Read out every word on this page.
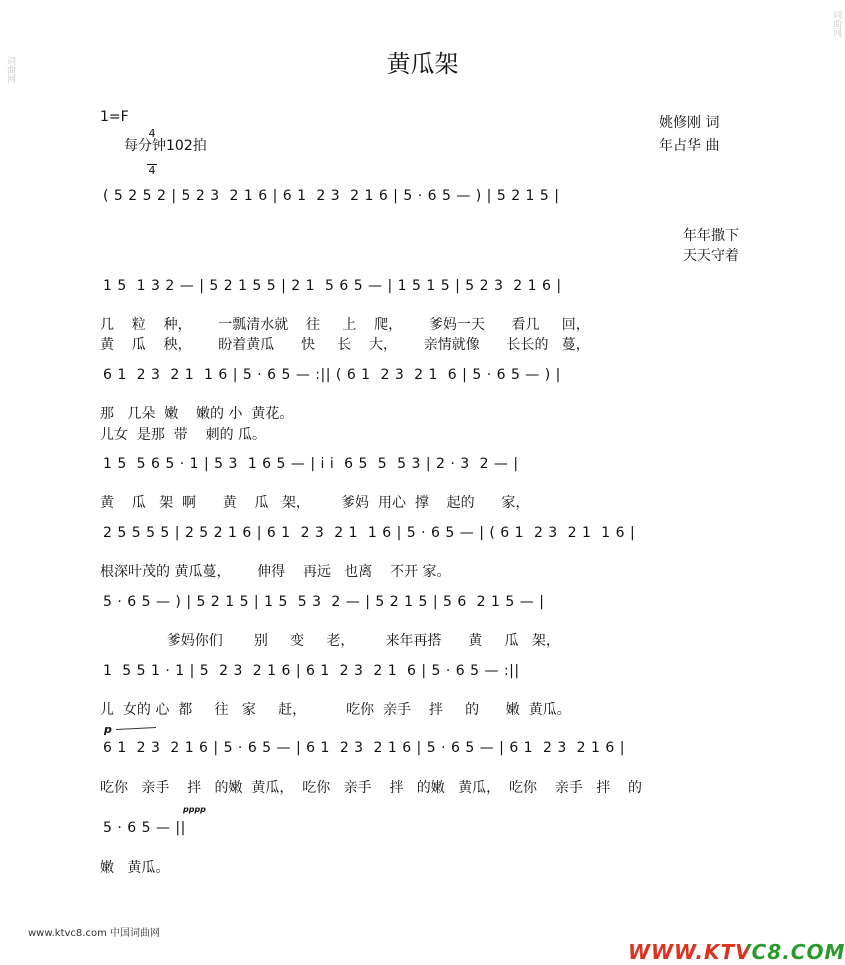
词曲网
词曲网
黄瓜架
1=F

4

4

每分钟102拍
姚修刚 词
年占华 曲
( 5 2 5 2 | 5 2 3  2 1 6 | 6 1  2 3  2 1 6 | 5 · 6 5 — ) | 5 2 1 5 |
年年撒下
天天守着
1 5  1 3 2 — | 5 2 1 5 5 | 2 1  5 6 5 — | 1 5 1 5 | 5 2 3  2 1 6 |
几    粒    种，      一瓢清水就    往     上    爬，      爹妈一天      看几     回，
黄    瓜    秧，      盼着黄瓜      快     长    大，      亲情就像      长长的   蔓，
6 1  2 3  2 1  1 6 | 5 · 6 5 — :|| ( 6 1  2 3  2 1  6 | 5 · 6 5 — ) |
那   几朵  嫩    嫩的 小  黄花。
儿女  是那  带    刺的 瓜。
1 5  5 6 5 · 1 | 5 3  1 6 5 — | i i  6 5  5  5 3 | 2 · 3  2 — |
黄    瓜   架  啊      黄    瓜   架，       爹妈  用心  撑    起的      家，
2 5 5 5 5 | 2 5 2 1 6 | 6 1  2 3  2 1  1 6 | 5 · 6 5 — | ( 6 1  2 3  2 1  1 6 |
根深叶茂的 黄瓜蔓，      伸得    再远   也离    不开 家。
5 · 6 5 — ) | 5 2 1 5 | 1 5  5 3  2 — | 5 2 1 5 | 5 6  2 1 5 — |
爹妈你们       别     变     老，       来年再搭      黄     瓜   架，
1  5 5 1 · 1 | 5  2 3  2 1 6 | 6 1  2 3  2 1  6 | 5 · 6 5 — :||
儿  女的 心  都     往   家     赶，         吃你  亲手    拌     的      嫩  黄瓜。
p
6 1  2 3  2 1 6 | 5 · 6 5 — | 6 1  2 3  2 1 6 | 5 · 6 5 — | 6 1  2 3  2 1 6 |
吃你   亲手    拌   的嫩  黄瓜，  吃你   亲手    拌   的嫩   黄瓜，  吃你    亲手   拌    的
pppp
5 · 6 5 — ||
嫩   黄瓜。
www.ktvc8.com 中国词曲网

WWW.KTVC8.COM
